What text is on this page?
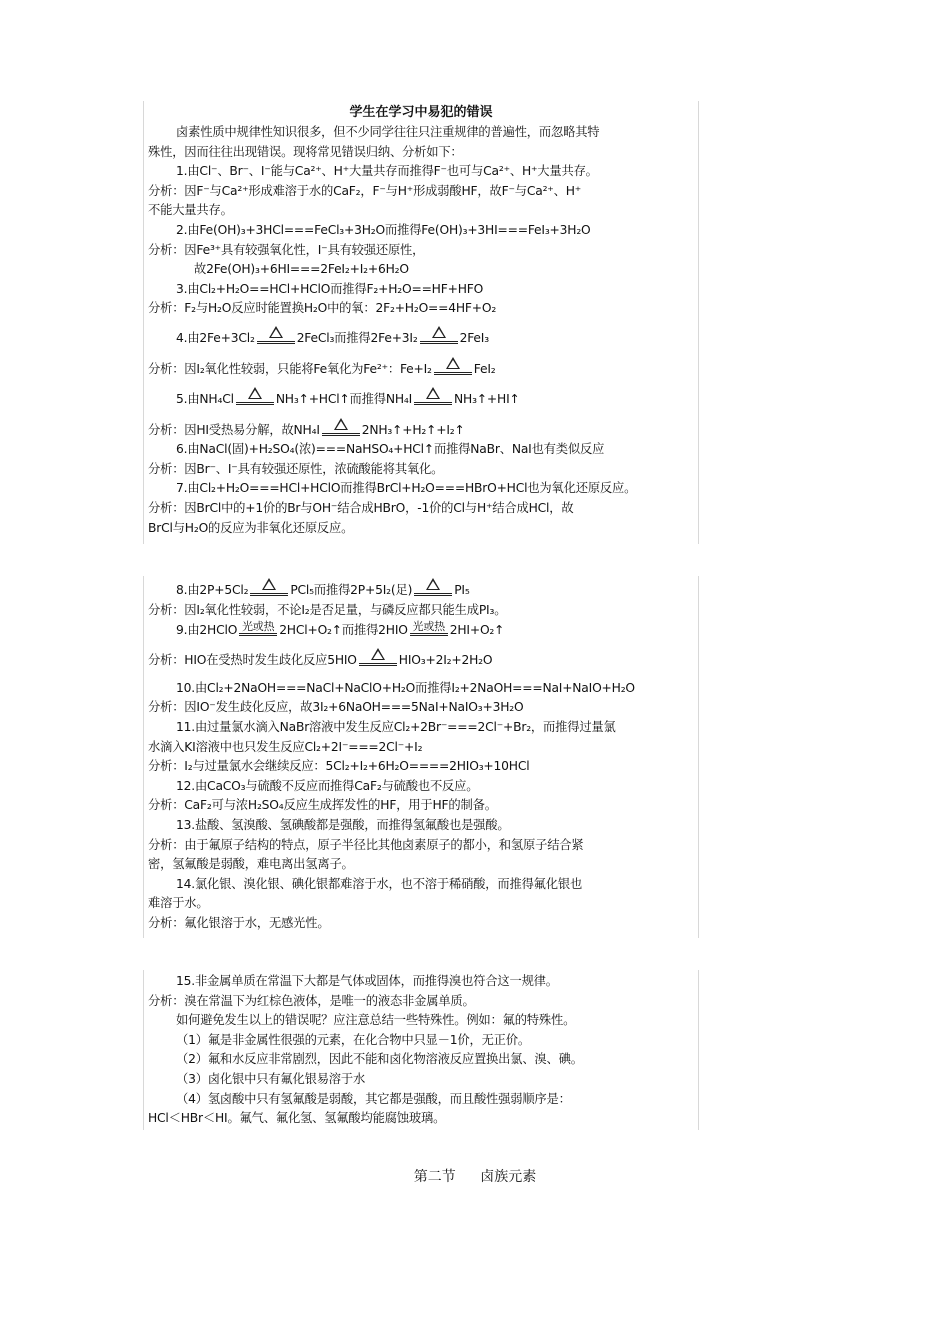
学生在学习中易犯的错误
卤素性质中规律性知识很多，但不少同学往往只注重规律的普遍性，而忽略其特
殊性，因而往往出现错误。现将常见错误归纳、分析如下：
1.由Cl⁻、Br⁻、I⁻能与Ca²⁺、H⁺大量共存而推得F⁻也可与Ca²⁺、H⁺大量共存。
分析：因F⁻与Ca²⁺形成难溶于水的CaF₂，F⁻与H⁺形成弱酸HF，故F⁻与Ca²⁺、H⁺
不能大量共存。
2.由Fe(OH)₃+3HCl===FeCl₃+3H₂O而推得Fe(OH)₃+3HI===FeI₃+3H₂O
分析：因Fe³⁺具有较强氧化性，I⁻具有较强还原性，
故2Fe(OH)₃+6HI===2FeI₂+I₂+6H₂O
3.由Cl₂+H₂O==HCl+HClO而推得F₂+H₂O==HF+HFO
分析：F₂与H₂O反应时能置换H₂O中的氧：2F₂+H₂O==4HF+O₂
4.由2Fe+3Cl₂	2FeCl₃而推得2Fe+3I₂	2FeI₃
分析：因I₂氧化性较弱，只能将Fe氧化为Fe²⁺：Fe+I₂	FeI₂
5.由NH₄Cl	NH₃↑+HCl↑而推得NH₄I	NH₃↑+HI↑
分析：因HI受热易分解，故NH₄I	2NH₃↑+H₂↑+I₂↑
6.由NaCl(固)+H₂SO₄(浓)===NaHSO₄+HCl↑而推得NaBr、NaI也有类似反应
分析：因Br⁻、I⁻具有较强还原性，浓硫酸能将其氧化。
7.由Cl₂+H₂O===HCl+HClO而推得BrCl+H₂O===HBrO+HCl也为氧化还原反应。
分析：因BrCl中的+1价的Br与OH⁻结合成HBrO，-1价的Cl与H⁺结合成HCl，故
BrCl与H₂O的反应为非氧化还原反应。
8.由2P+5Cl₂	PCl₅而推得2P+5I₂(足)	PI₅
分析：因I₂氧化性较弱，不论I₂是否足量，与磷反应都只能生成PI₃。
9.由2HClO 光或热 2HCl+O₂↑而推得2HIO 光或热 2HI+O₂↑
分析：HIO在受热时发生歧化反应5HIO	HIO₃+2I₂+2H₂O
10.由Cl₂+2NaOH===NaCl+NaClO+H₂O而推得I₂+2NaOH===NaI+NaIO+H₂O
分析：因IO⁻发生歧化反应，故3I₂+6NaOH===5NaI+NaIO₃+3H₂O
11.由过量氯水滴入NaBr溶液中发生反应Cl₂+2Br⁻===2Cl⁻+Br₂，而推得过量氯
水滴入KI溶液中也只发生反应Cl₂+2I⁻===2Cl⁻+I₂
分析：I₂与过量氯水会继续反应：5Cl₂+I₂+6H₂O====2HIO₃+10HCl
12.由CaCO₃与硫酸不反应而推得CaF₂与硫酸也不反应。
分析：CaF₂可与浓H₂SO₄反应生成挥发性的HF，用于HF的制备。
13.盐酸、氢溴酸、氢碘酸都是强酸，而推得氢氟酸也是强酸。
分析：由于氟原子结构的特点，原子半径比其他卤素原子的都小，和氢原子结合紧
密，氢氟酸是弱酸，难电离出氢离子。
14.氯化银、溴化银、碘化银都难溶于水，也不溶于稀硝酸，而推得氟化银也
难溶于水。
分析：氟化银溶于水，无感光性。
15.非金属单质在常温下大都是气体或固体，而推得溴也符合这一规律。
分析：溴在常温下为红棕色液体，是唯一的液态非金属单质。
如何避免发生以上的错误呢？应注意总结一些特殊性。例如：氟的特殊性。
（1）氟是非金属性很强的元素，在化合物中只显－1价，无正价。
（2）氟和水反应非常剧烈，因此不能和卤化物溶液反应置换出氯、溴、碘。
（3）卤化银中只有氟化银易溶于水
（4）氢卤酸中只有氢氟酸是弱酸，其它都是强酸，而且酸性强弱顺序是：
HCl＜HBr＜HI。氟气、氟化氢、氢氟酸均能腐蚀玻璃。
第二节 卤族元素
